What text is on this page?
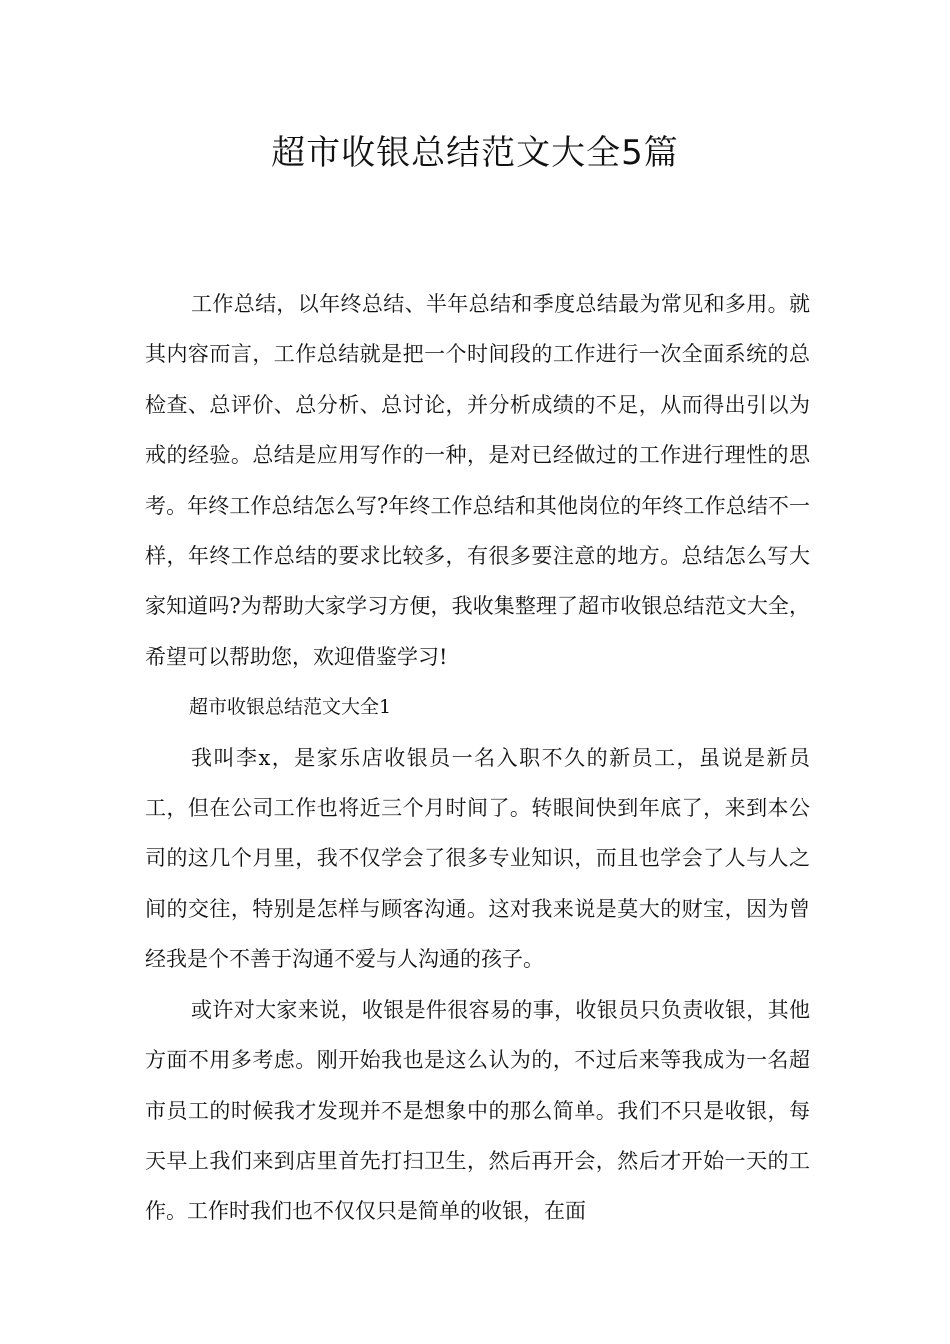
超市收银总结范文大全5篇

工作总结，以年终总结、半年总结和季度总结最为常见和多用。就其内容而言，工作总结就是把一个时间段的工作进行一次全面系统的总检查、总评价、总分析、总讨论，并分析成绩的不足，从而得出引以为戒的经验。总结是应用写作的一种，是对已经做过的工作进行理性的思考。年终工作总结怎么写?年终工作总结和其他岗位的年终工作总结不一样，年终工作总结的要求比较多，有很多要注意的地方。总结怎么写大家知道吗?为帮助大家学习方便，我收集整理了超市收银总结范文大全，希望可以帮助您，欢迎借鉴学习!

超市收银总结范文大全1

我叫李x，是家乐店收银员一名入职不久的新员工，虽说是新员工，但在公司工作也将近三个月时间了。转眼间快到年底了，来到本公司的这几个月里，我不仅学会了很多专业知识，而且也学会了人与人之间的交往，特别是怎样与顾客沟通。这对我来说是莫大的财宝，因为曾经我是个不善于沟通不爱与人沟通的孩子。

或许对大家来说，收银是件很容易的事，收银员只负责收银，其他方面不用多考虑。刚开始我也是这么认为的，不过后来等我成为一名超市员工的时候我才发现并不是想象中的那么简单。我们不只是收银，每天早上我们来到店里首先打扫卫生，然后再开会，然后才开始一天的工作。工作时我们也不仅仅只是简单的收银，在面
